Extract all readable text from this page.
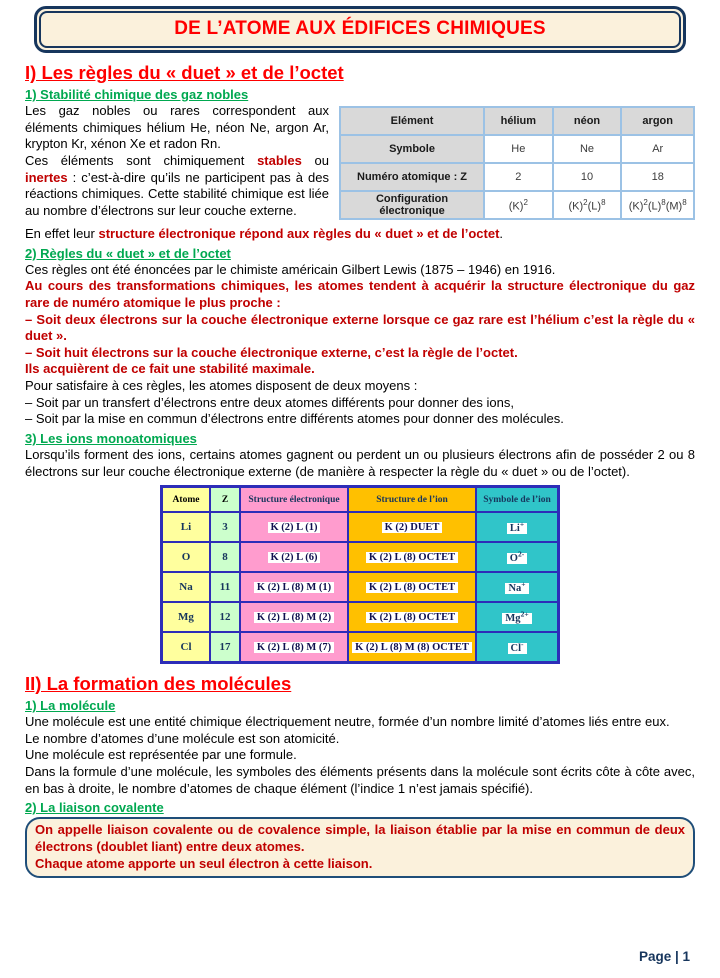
DE L’ATOME AUX ÉDIFICES CHIMIQUES
I) Les règles du « duet » et de l’octet
1) Stabilité chimique des gaz nobles
Elément	hélium	néon	argon
Symbole	He	Ne	Ar
Numéro atomique : Z	2	10	18
Configuration électronique	$(K)^2$	$(K)^2(L)^8$	$(K)^2(L)^8(M)^8$

Les gaz nobles ou rares correspondent aux éléments chimiques hélium He, néon Ne, argon Ar, krypton Kr, xénon Xe et radon Rn.

Ces éléments sont chimiquement stables ou inertes : c’est-à-dire qu’ils ne participent pas à des réactions chimiques. Cette stabilité chimique est liée au nombre d’électrons sur leur couche externe.

En effet leur structure électronique répond aux règles du « duet » et de l’octet.

2) Règles du « duet » et de l’octet

Ces règles ont été énoncées par le chimiste américain Gilbert Lewis (1875 – 1946) en 1916.

Au cours des transformations chimiques, les atomes tendent à acquérir la structure électronique du gaz rare de numéro atomique le plus proche :

– Soit deux électrons sur la couche électronique externe lorsque ce gaz rare est l’hélium c’est la règle du « duet ».

– Soit huit électrons sur la couche électronique externe, c’est la règle de l’octet.

Ils acquièrent de ce fait une stabilité maximale.

Pour satisfaire à ces règles, les atomes disposent de deux moyens :

– Soit par un transfert d’électrons entre deux atomes différents pour donner des ions,

– Soit par la mise en commun d’électrons entre différents atomes pour donner des molécules.

3) Les ions monoatomiques

Lorsqu’ils forment des ions, certains atomes gagnent ou perdent un ou plusieurs électrons afin de posséder 2 ou 8 électrons sur leur couche électronique externe (de manière à respecter la règle du « duet » ou de l’octet).

Atome	Z	Structure électronique	Structure de l’ion	Symbole de l’ion
Li	3	K (2) L (1)	K (2) DUET	Li+
O	8	K (2) L (6)	K (2) L (8) OCTET	$O^{2-}$
Na	11	K (2) L (8) M (1)	K (2) L (8) OCTET	Na+
Mg	12	K (2) L (8) M (2)	K (2) L (8) OCTET	$Mg^{2+}$
Cl	17	K (2) L (8) M (7)	K (2) L (8) M (8) OCTET	Cl-
II) La formation des molécules
1) La molécule

Une molécule est une entité chimique électriquement neutre, formée d’un nombre limité d’atomes liés entre eux.

Le nombre d’atomes d’une molécule est son atomicité.

Une molécule est représentée par une formule.

Dans la formule d’une molécule, les symboles des éléments présents dans la molécule sont écrits côte à côte avec, en bas à droite, le nombre d’atomes de chaque élément (l’indice 1 n’est jamais spécifié).

2) La liaison covalente

On appelle liaison covalente ou de covalence simple, la liaison établie par la mise en commun de deux électrons (doublet liant) entre deux atomes.

Chaque atome apporte un seul électron à cette liaison.

Page | 1
